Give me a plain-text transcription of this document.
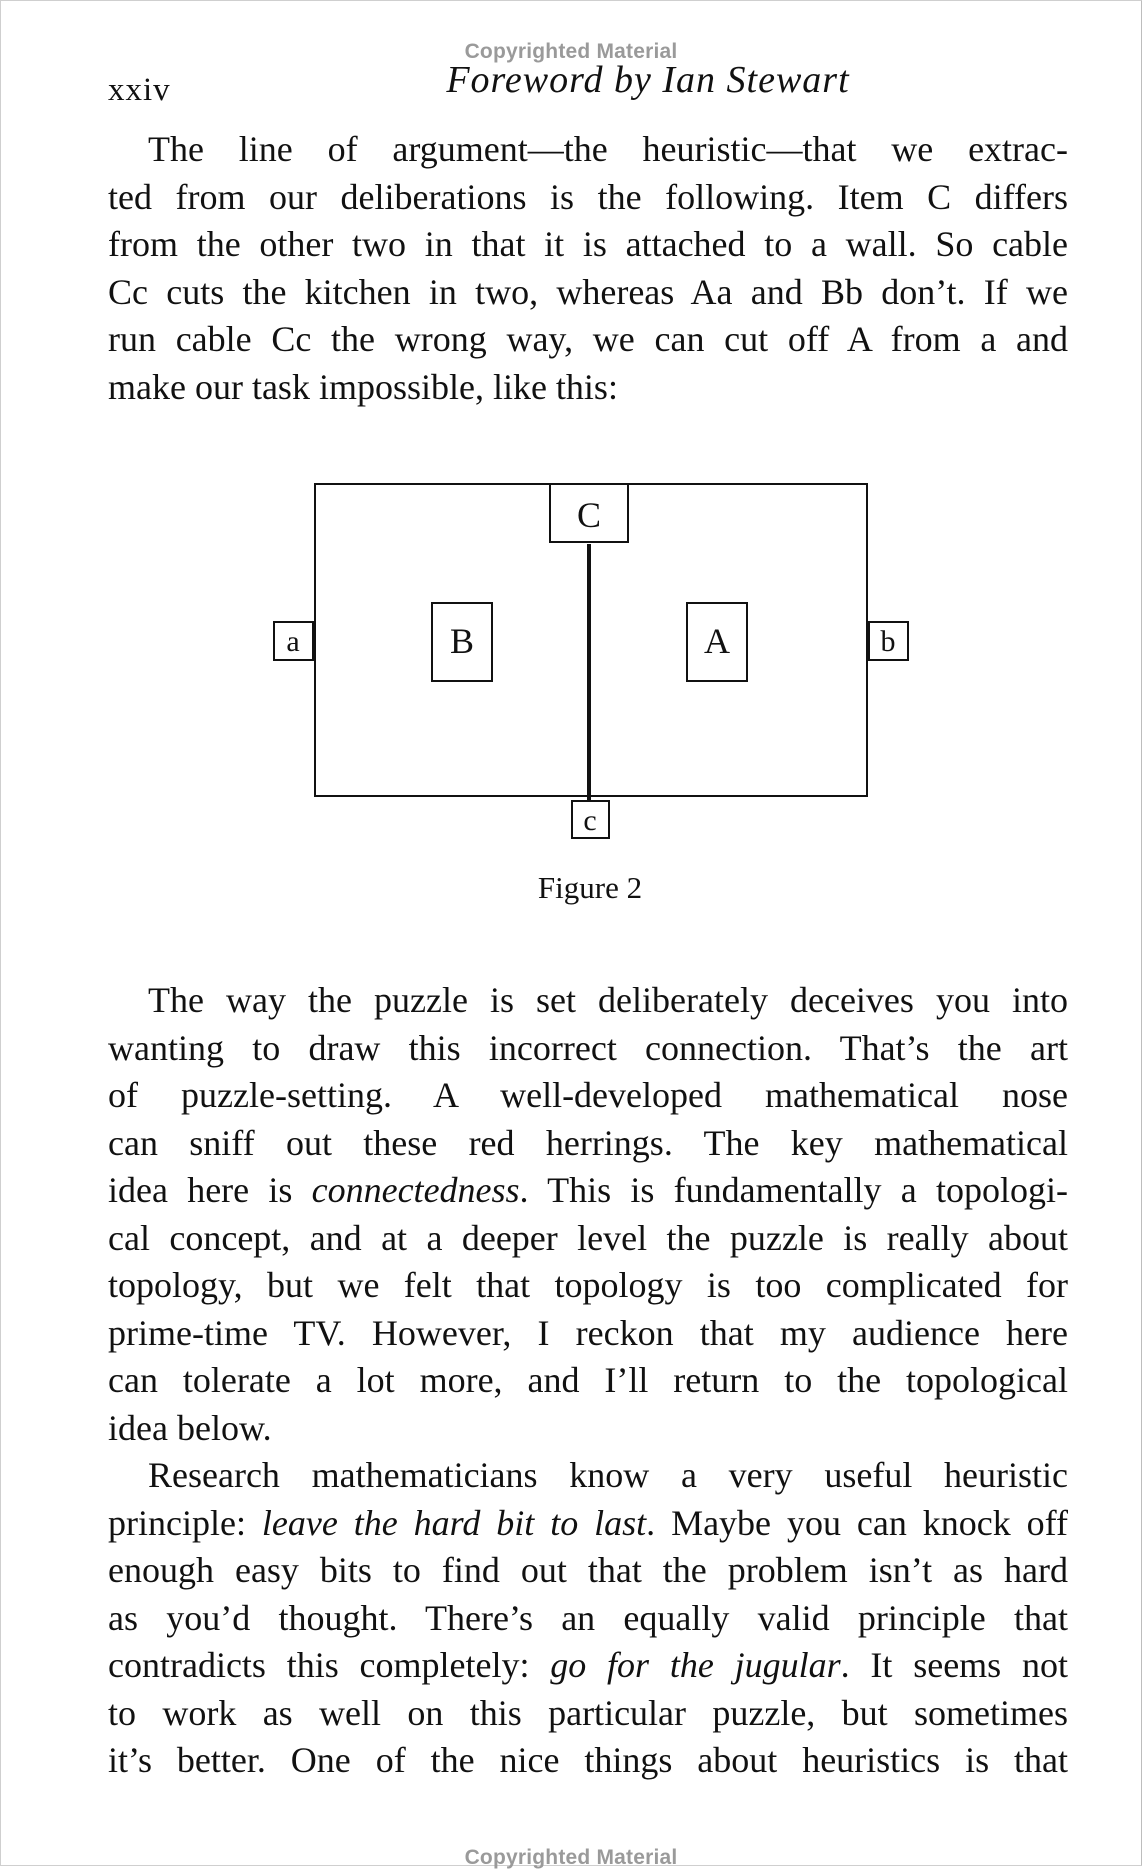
Copyrighted Material
xxiv	Foreword by Ian Stewart
The line of argument—the heuristic—that we extrac-
ted from our deliberations is the following. Item C differs
from the other two in that it is attached to a wall. So cable
Cc cuts the kitchen in two, whereas Aa and Bb don’t. If we
run cable Cc the wrong way, we can cut off A from a and
make our task impossible, like this:
C
c
a	b
B	A
Figure 2
The way the puzzle is set deliberately deceives you into
wanting to draw this incorrect connection. That’s the art
of puzzle-setting. A well-developed mathematical nose
can sniff out these red herrings. The key mathematical
idea here is connectedness. This is fundamentally a topologi-
cal concept, and at a deeper level the puzzle is really about
topology, but we felt that topology is too complicated for
prime-time TV. However, I reckon that my audience here
can tolerate a lot more, and I’ll return to the topological
idea below.
Research mathematicians know a very useful heuristic
principle: leave the hard bit to last. Maybe you can knock off
enough easy bits to find out that the problem isn’t as hard
as you’d thought. There’s an equally valid principle that
contradicts this completely: go for the jugular. It seems not
to work as well on this particular puzzle, but sometimes
it’s better. One of the nice things about heuristics is that
Copyrighted Material
